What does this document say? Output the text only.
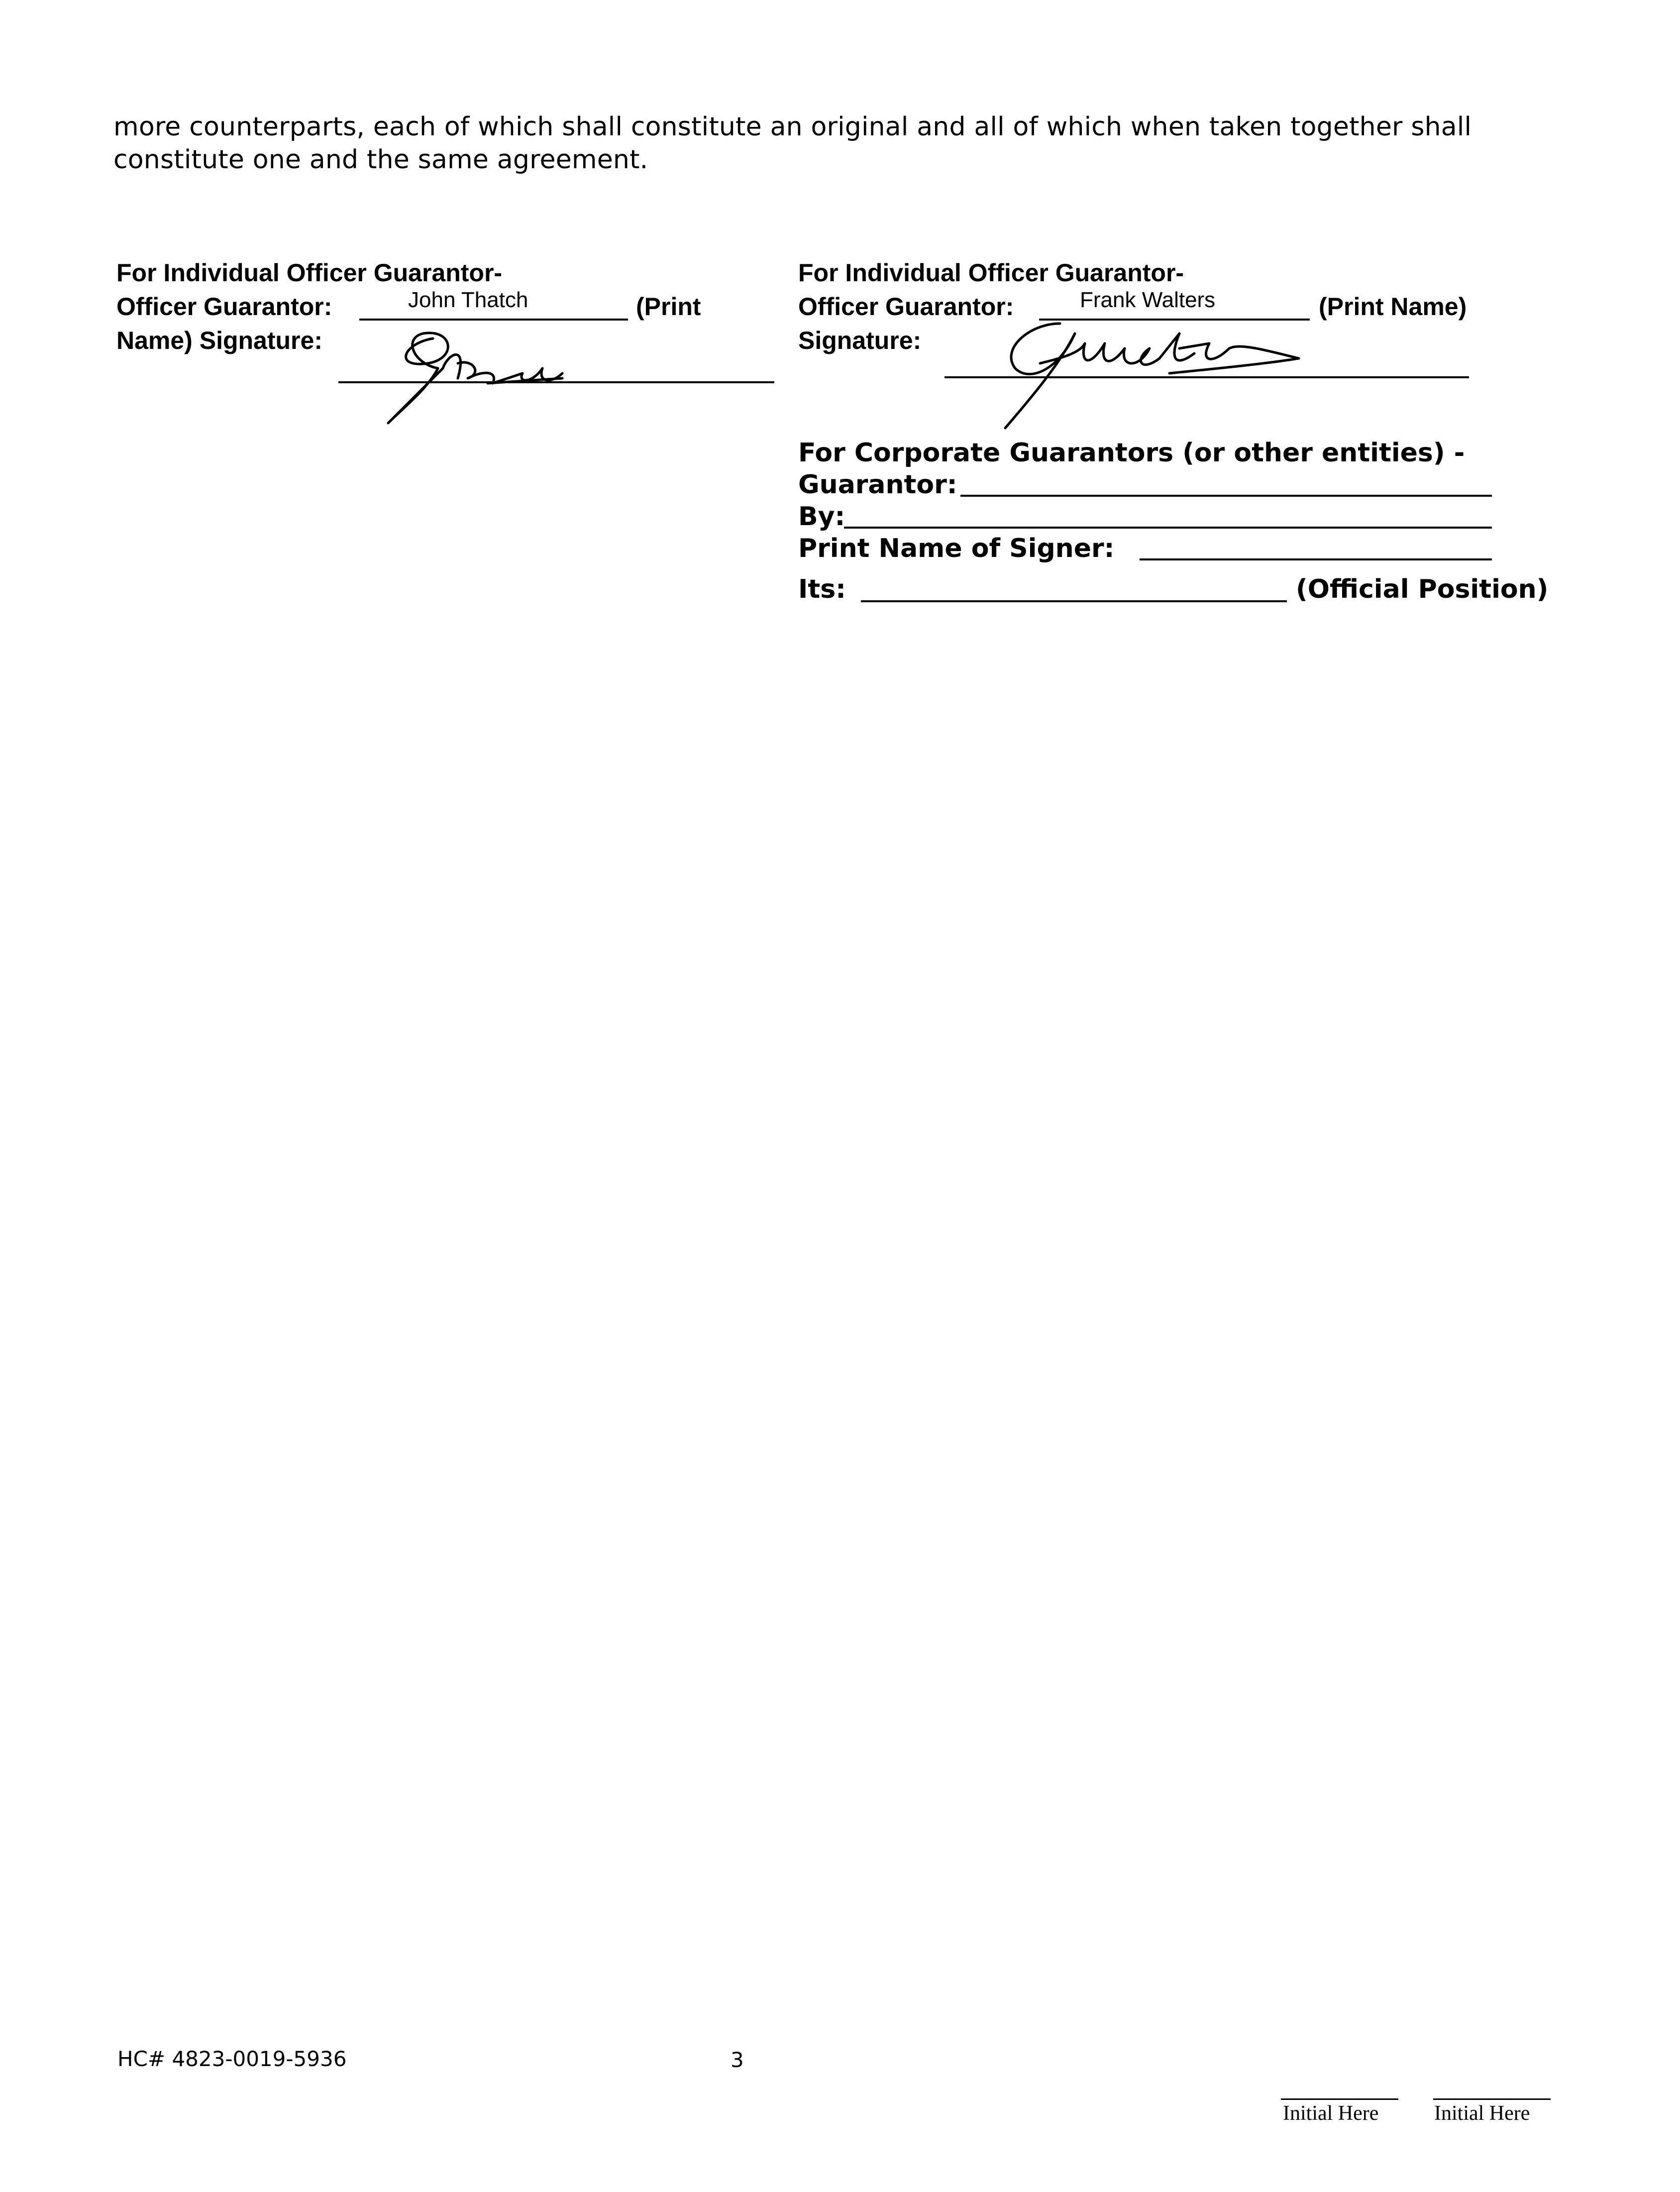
more counterparts, each of which shall constitute an original and all of which when taken together shall
constitute one and the same agreement.
For Individual Officer Guarantor-
Officer Guarantor:	John Thatch	(Print
Name) Signature:
For Individual Officer Guarantor-
Officer Guarantor:	Frank Walters	(Print Name)
Signature:
For Corporate Guarantors (or other entities) -
Guarantor:
By:
Print Name of Signer:
Its:	(Official Position)
HC# 4823-0019-5936	3
Initial Here	Initial Here
